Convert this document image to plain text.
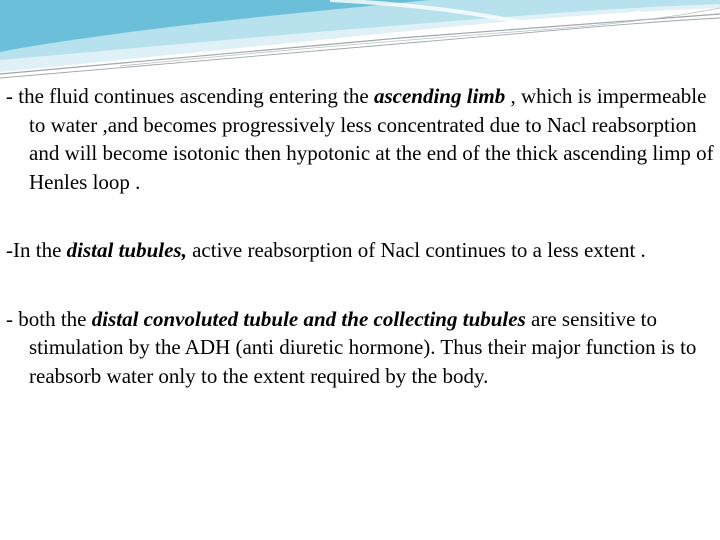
- the fluid continues ascending entering the ascending limb , which is impermeable to water ,and becomes progressively less concentrated due to Nacl reabsorption and will become isotonic then hypotonic at the end of the thick ascending limp of Henles loop .

-In the distal tubules, active reabsorption of Nacl continues to a less extent .

- both the distal convoluted tubule and the collecting tubules are sensitive to stimulation by the ADH (anti diuretic hormone). Thus their major function is to reabsorb water only to the extent required by the body.
